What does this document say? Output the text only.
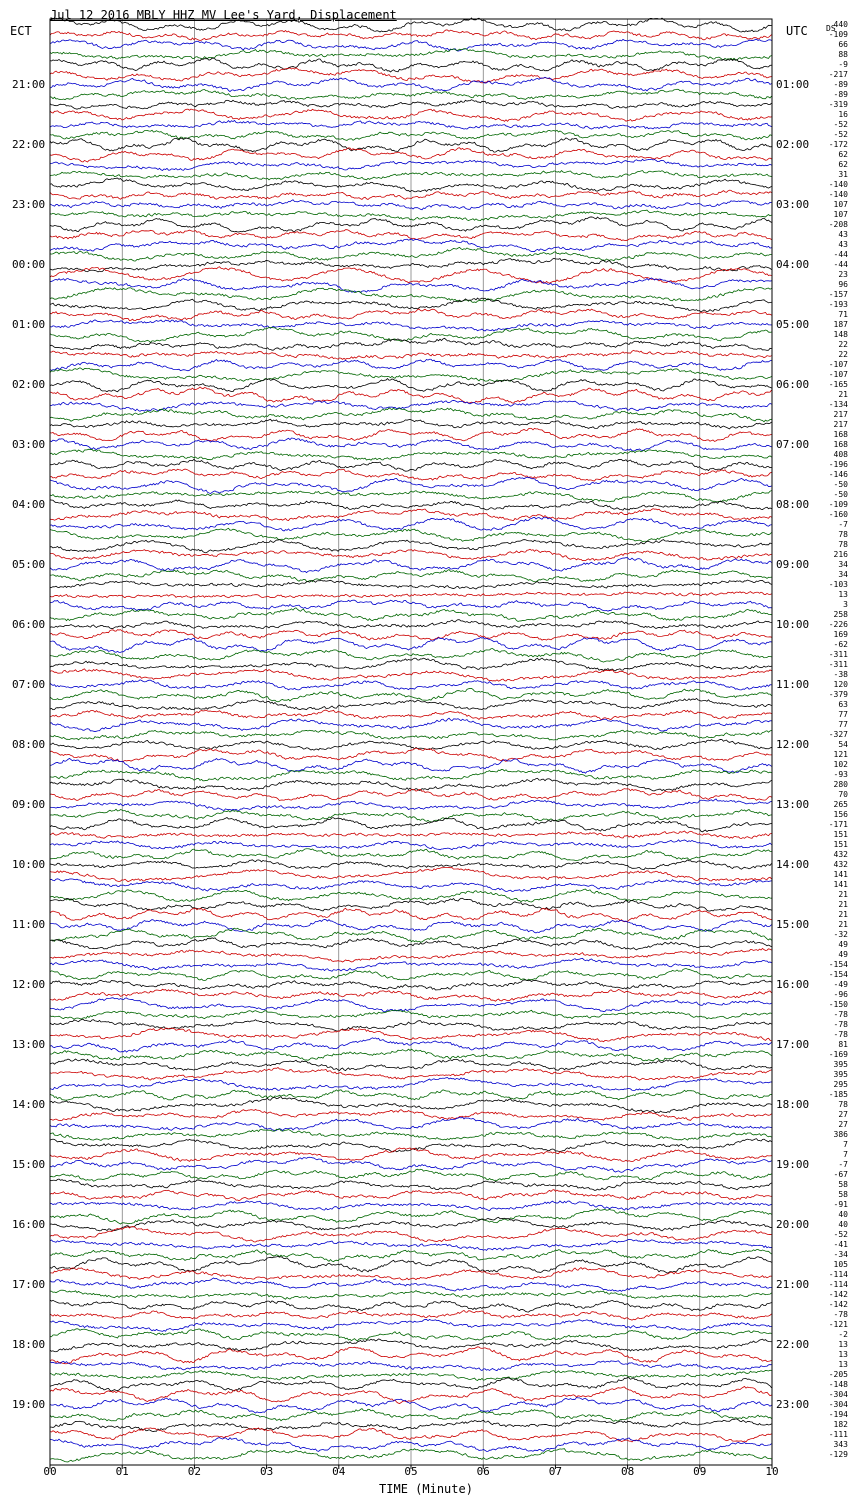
Jul 12 2016 MBLY HHZ MV Lee's Yard, Displacement
ECT	UTC DS
TIME (Minute)
00	01	02	03	04	05	06	07	08	09	10
21:00
22:00
23:00
00:00
01:00
02:00
03:00
04:00
05:00
06:00
07:00
08:00
09:00
10:00
11:00
12:00
13:00
14:00
15:00
16:00
17:00
18:00
19:00
01:00
02:00
03:00
04:00
05:00
06:00
07:00
08:00
09:00
10:00
11:00
12:00
13:00
14:00
15:00
16:00
17:00
18:00
19:00
20:00
21:00
22:00
23:00
440
-109
66
88
-9
-217
-89
-89
-319
16
-52
-52
-172
62
62
31
-140
-140
107
107
-208
43
43
-44
-44
23
96
-157
-193
71
187
148
22
22
-107
-107
-165
21
-134
217
217
168
168
408
-196
-146
-50
-50
-109
-160
-7
78
78
216
34
34
-103
13
3
258
-226
169
-62
-311
-311
-38
120
-379
63
77
77
-327
54
121
102
-93
280
70
265
156
-171
151
151
432
432
141
141
21
21
21
21
-32
49
49
-154
-154
-49
-96
-150
-78
-78
-78
81
-169
395
395
295
-185
78
27
27
386
7
7
-7
-67
58
58
-91
40
40
-52
-41
-34
105
-114
-114
-142
-142
-78
-121
-2
13
13
13
-205
-148
-304
-304
-194
182
-111
343
-129
